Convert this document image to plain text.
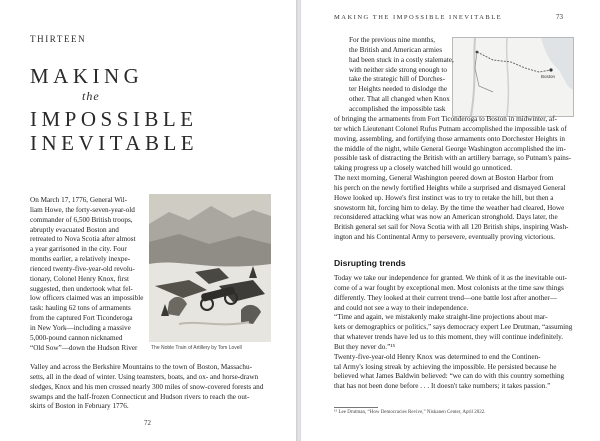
THIRTEEN
MAKING
the
IMPOSSIBLE
INEVITABLE
On March 17, 1776, General Wil-
liam Howe, the forty-seven-year-old
commander of 6,500 British troops,
abruptly evacuated Boston and
retreated to Nova Scotia after almost
a year garrisoned in the city. Four
months earlier, a relatively inexpe-
rienced twenty-five-year-old revolu-
tionary, Colonel Henry Knox, first
suggested, then undertook what fel-
low officers claimed was an impossible
task: hauling 62 tons of armaments
from the captured Fort Ticonderoga
in New York—including a massive
5,000-pound cannon nicknamed
“Old Sow”—down the Hudson River	The Noble Train of Artillery by Tom Lovell
Valley and across the Berkshire Mountains to the town of Boston, Massachu-
setts, all in the dead of winter. Using teamsters, boats, and ox- and horse-drawn
sledges, Knox and his men crossed nearly 300 miles of snow-covered forests and
swamps and the half-frozen Connecticut and Hudson rivers to reach the out-
skirts of Boston in February 1776.
72
MAKING THE IMPOSSIBLE INEVITABLE	73
Boston
For the previous nine months,
the British and American armies
had been stuck in a costly stalemate,
with neither side strong enough to
take the strategic hill of Dorches-
ter Heights needed to dislodge the
other. That all changed when Knox
accomplished the impossible task
of bringing the armaments from Fort Ticonderoga to Boston in midwinter, af-
ter which Lieutenant Colonel Rufus Putnam accomplished the impossible task of
moving, assembling, and fortifying those armaments onto Dorchester Heights in
the middle of the night, while General George Washington accomplished the im-
possible task of distracting the British with an artillery barrage, so Putnam's pains-
taking progress up a closely watched hill would go unnoticed.
The next morning, General Washington peered down at Boston Harbor from
his perch on the newly fortified Heights while a surprised and dismayed General
Howe looked up. Howe's first instinct was to try to retake the hill, but then a
snowstorm hit, forcing him to delay. By the time the weather had cleared, Howe
reconsidered attacking what was now an American stronghold. Days later, the
British general set sail for Nova Scotia with all 120 British ships, inspiring Wash-
ington and his Continental Army to persevere, eventually proving victorious.
Disrupting trends
Today we take our independence for granted. We think of it as the inevitable out-
come of a war fought by exceptional men. Most colonists at the time saw things
differently. They looked at their current trend—one battle lost after another—
and could not see a way to their independence.
“Time and again, we mistakenly make straight-line projections about mar-
kets or demographics or politics,” says democracy expert Lee Drutman, “assuming
that whatever trends have led us to this moment, they will continue indefinitely.
But they never do.”¹⁵
Twenty-five-year-old Henry Knox was determined to end the Continen-
tal Army's losing streak by achieving the impossible. He persisted because he
believed what James Baldwin believed: “we can do with this country something
that has not been done before . . . It doesn't take numbers; it takes passion.”
¹⁵ Lee Drutman, “How Democracies Revive,” Niskanen Center, April 2022.
